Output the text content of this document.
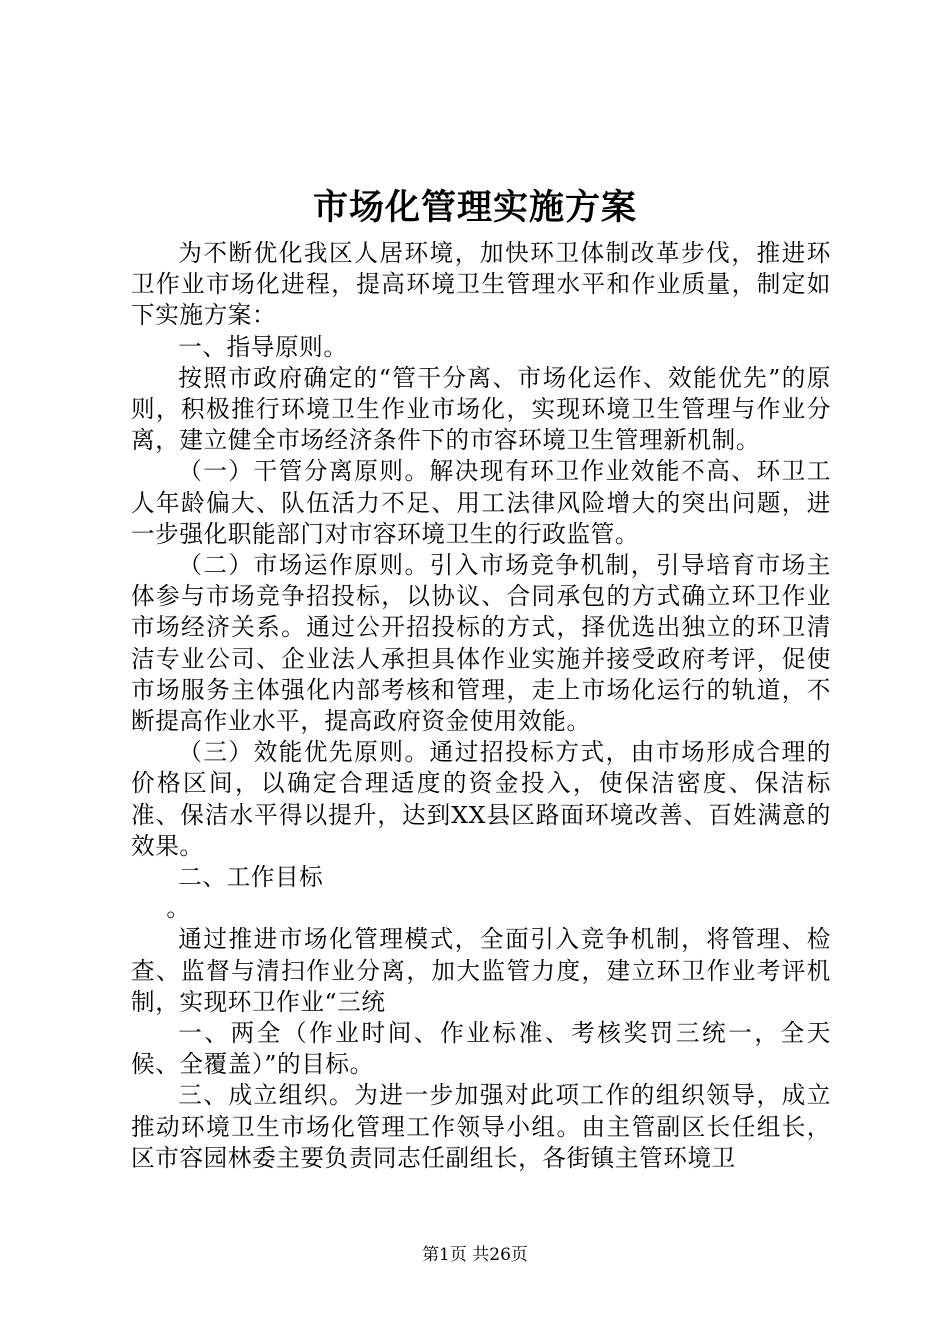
市场化管理实施方案

为不断优化我区人居环境，加快环卫体制改革步伐，推进环卫作业市场化进程，提高环境卫生管理水平和作业质量，制定如下实施方案：

一、指导原则。

按照市政府确定的“管干分离、市场化运作、效能优先”的原则，积极推行环境卫生作业市场化，实现环境卫生管理与作业分离，建立健全市场经济条件下的市容环境卫生管理新机制。

（一）干管分离原则。解决现有环卫作业效能不高、环卫工人年龄偏大、队伍活力不足、用工法律风险增大的突出问题，进一步强化职能部门对市容环境卫生的行政监管。

（二）市场运作原则。引入市场竞争机制，引导培育市场主体参与市场竞争招投标，以协议、合同承包的方式确立环卫作业市场经济关系。通过公开招投标的方式，择优选出独立的环卫清洁专业公司、企业法人承担具体作业实施并接受政府考评，促使市场服务主体强化内部考核和管理，走上市场化运行的轨道，不断提高作业水平，提高政府资金使用效能。

（三）效能优先原则。通过招投标方式，由市场形成合理的价格区间，以确定合理适度的资金投入，使保洁密度、保洁标准、保洁水平得以提升，达到XX县区路面环境改善、百姓满意的效果。

二、工作目标

。

通过推进市场化管理模式，全面引入竞争机制，将管理、检查、监督与清扫作业分离，加大监管力度，建立环卫作业考评机制，实现环卫作业“三统

一、两全（作业时间、作业标准、考核奖罚三统一，全天候、全覆盖）”的目标。

三、成立组织。为进一步加强对此项工作的组织领导，成立推动环境卫生市场化管理工作领导小组。由主管副区长任组长，区市容园林委主要负责同志任副组长，各街镇主管环境卫

第1页 共26页
